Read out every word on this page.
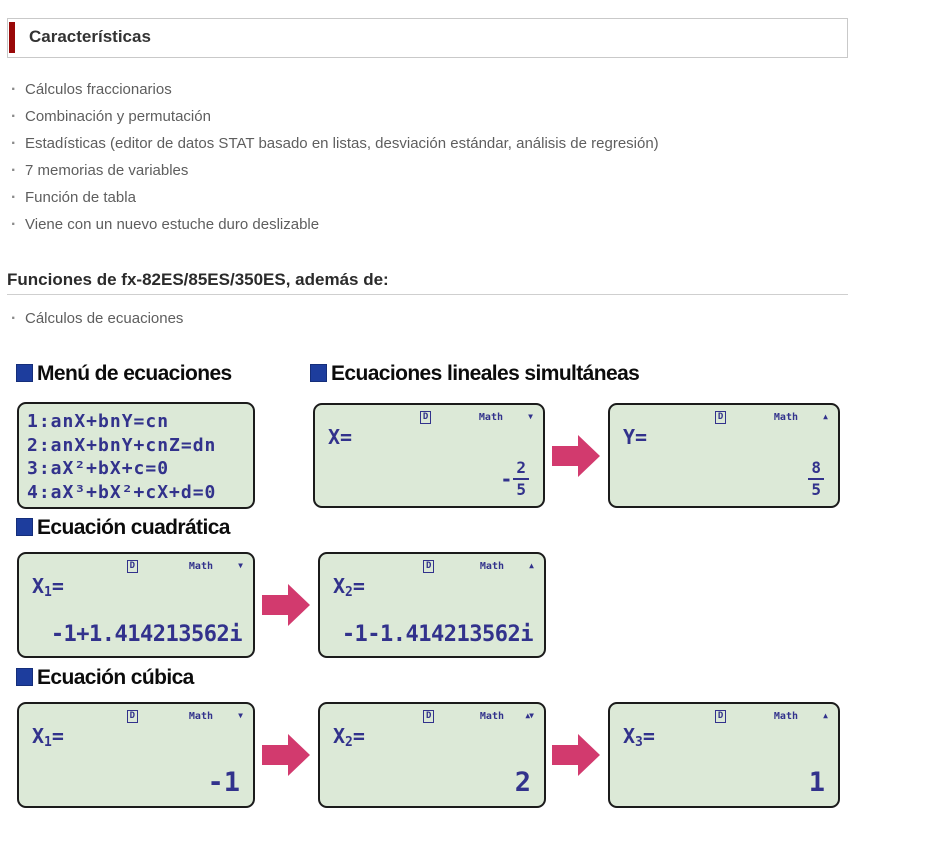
Características
· Cálculos fraccionarios
· Combinación y permutación
· Estadísticas (editor de datos STAT basado en listas, desviación estándar, análisis de regresión)
· 7 memorias de variables
· Función de tabla
· Viene con un nuevo estuche duro deslizable
Funciones de fx-82ES/85ES/350ES, además de:
· Cálculos de ecuaciones
Menú de ecuaciones	Ecuaciones lineales simultáneas
1:anX+bnY=cn
2:anX+bnY+cnZ=dn
3:aX²+bX+c=0
4:aX³+bX²+cX+d=0
D	Math	▼
X=
- $\frac{2}{5}$
D	Math	▲
Y=
$\frac{8}{5}$
Ecuación cuadrática
D	Math	▼
X1=
-1+1.414213562i
D	Math	▲
X2=
-1-1.414213562i
Ecuación cúbica
D	Math	▼
X1=
-1
D	Math	▲▼
X2=
2
D	Math	▲
X3=
1
